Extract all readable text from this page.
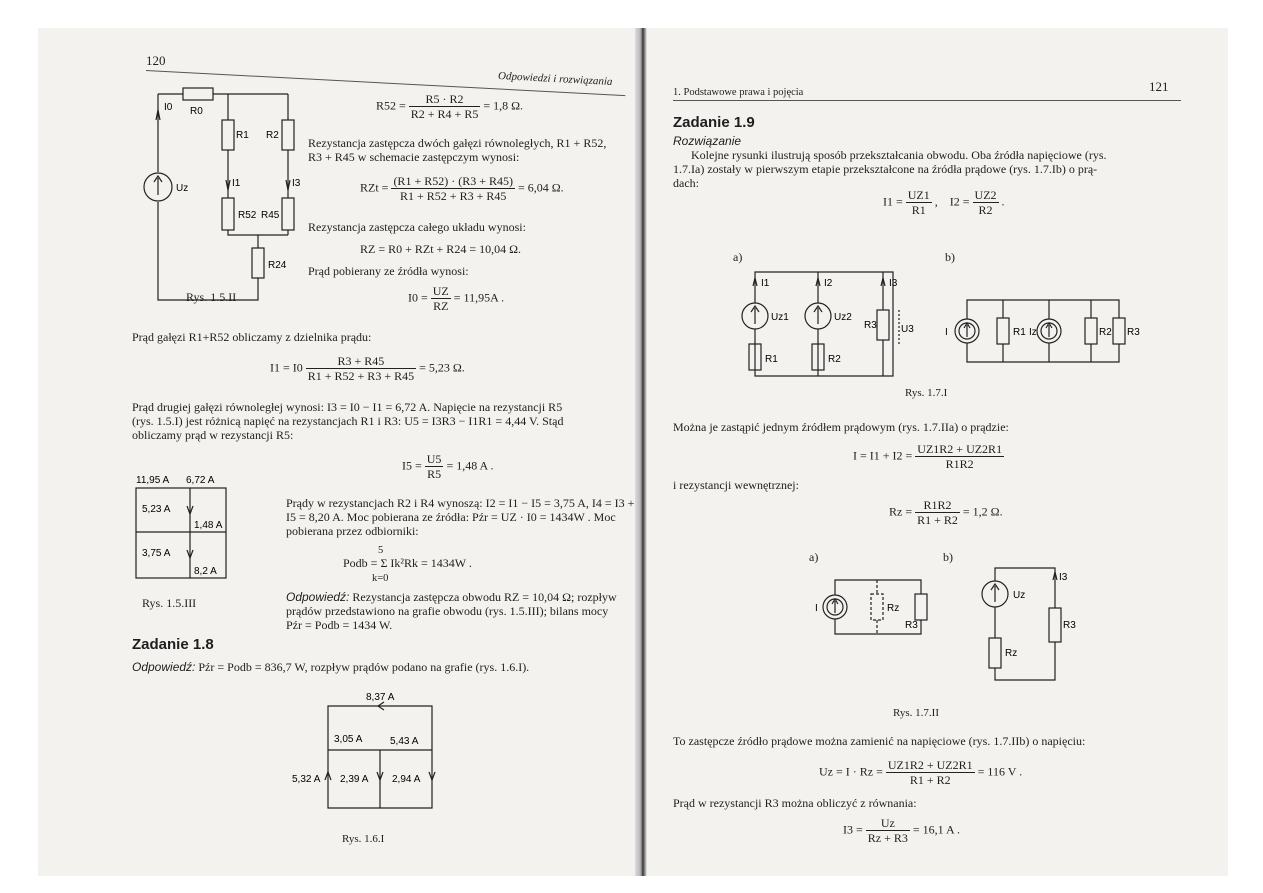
120
Odpowiedzi i rozwiązania
R0
I0
R1 R2
Uz	I1	I3
R52 R45
R24
$R52 = \frac{R5 \cdot R2}{R2 + R4 + R5} = 1,8$ Ω.
Rezystancja zastępcza dwóch gałęzi równoległych, R1 + R52,
R3 + R45 w schemacie zastępczym wynosi:
RZt = $\frac{(R1 + R52) \cdot (R3 + R45)}{R1 + R52 + R3 + R45} = 6,04$ Ω.
Rezystancja zastępcza całego układu wynosi:
RZ = R0 + RZt + R24 = 10,04 Ω.
Prąd pobierany ze źródła wynosi:
Rys. 1.5.II	$I0 = \frac{UZ}{RZ} = 11,95A$ .
Prąd gałęzi R1+R52 obliczamy z dzielnika prądu:
$I1 = I0 \frac{R3 + R45}{R1 + R52 + R3 + R45} = 5,23$ Ω.
Prąd drugiej gałęzi równoległej wynosi: I3 = I0 − I1 = 6,72 A. Napięcie na rezystancji R5
(rys. 1.5.I) jest różnicą napięć na rezystancjach R1 i R3: U5 = I3R3 − I1R1 = 4,44 V. Stąd
obliczamy prąd w rezystancji R5:
$I5 = \frac{U5}{R5} = 1,48$ A .
11,95 A 6,72 A
5,23 A
1,48 A
3,75 A
8,2 A
Prądy w rezystancjach R2 i R4 wynoszą: I2 = I1 − I5 = 3,75 A, I4 = I3 +
I5 = 8,20 A. Moc pobierana ze źródła: Pźr = UZ · I0 = 1434W . Moc
pobierana przez odbiorniki:
5
Podb = Σ Ik²Rk = 1434W .
k=0
Rys. 1.5.III	Odpowiedź: Rezystancja zastępcza obwodu RZ = 10,04 Ω; rozpływ
prądów przedstawiono na grafie obwodu (rys. 1.5.III); bilans mocy
Pźr = Podb = 1434 W.
Zadanie 1.8
Odpowiedź: Pźr = Podb = 836,7 W, rozpływ prądów podano na grafie (rys. 1.6.I).
8,37 A
3,05 A	5,43 A
5,32 A 2,39 A 2,94 A
Rys. 1.6.I
1. Podstawowe prawa i pojęcia	121
Zadanie 1.9
Rozwiązanie
Kolejne rysunki ilustrują sposób przekształcania obwodu. Oba źródła napięciowe (rys.
1.7.Ia) zostały w pierwszym etapie przekształcone na źródła prądowe (rys. 1.7.Ib) o prą-
dach:
$I1 = \frac{UZ1}{R1}$ , $I2 = \frac{UZ2}{R2}$ .
a)	b)
I1	I2	I3
Uz1	Uz2
R1	R2
R3 U3	I	R1 Iz	R2 R3
Rys. 1.7.I
Można je zastąpić jednym źródłem prądowym (rys. 1.7.IIa) o prądzie:
$I = I1 + I2 = \frac{UZ1R2 + UZ2R1}{R1R2}$
i rezystancji wewnętrznej:
$Rz = \frac{R1R2}{R1 + R2} = 1,2$ Ω.
a)	b)
I	Rz
R3
Uz
Rz
R3
I3
Rys. 1.7.II
To zastępcze źródło prądowe można zamienić na napięciowe (rys. 1.7.IIb) o napięciu:
$Uz = I \cdot Rz = \frac{UZ1R2 + UZ2R1}{R1 + R2} = 116$ V .
Prąd w rezystancji R3 można obliczyć z równania:
$I3 = \frac{Uz}{Rz + R3} = 16,1$ A .
